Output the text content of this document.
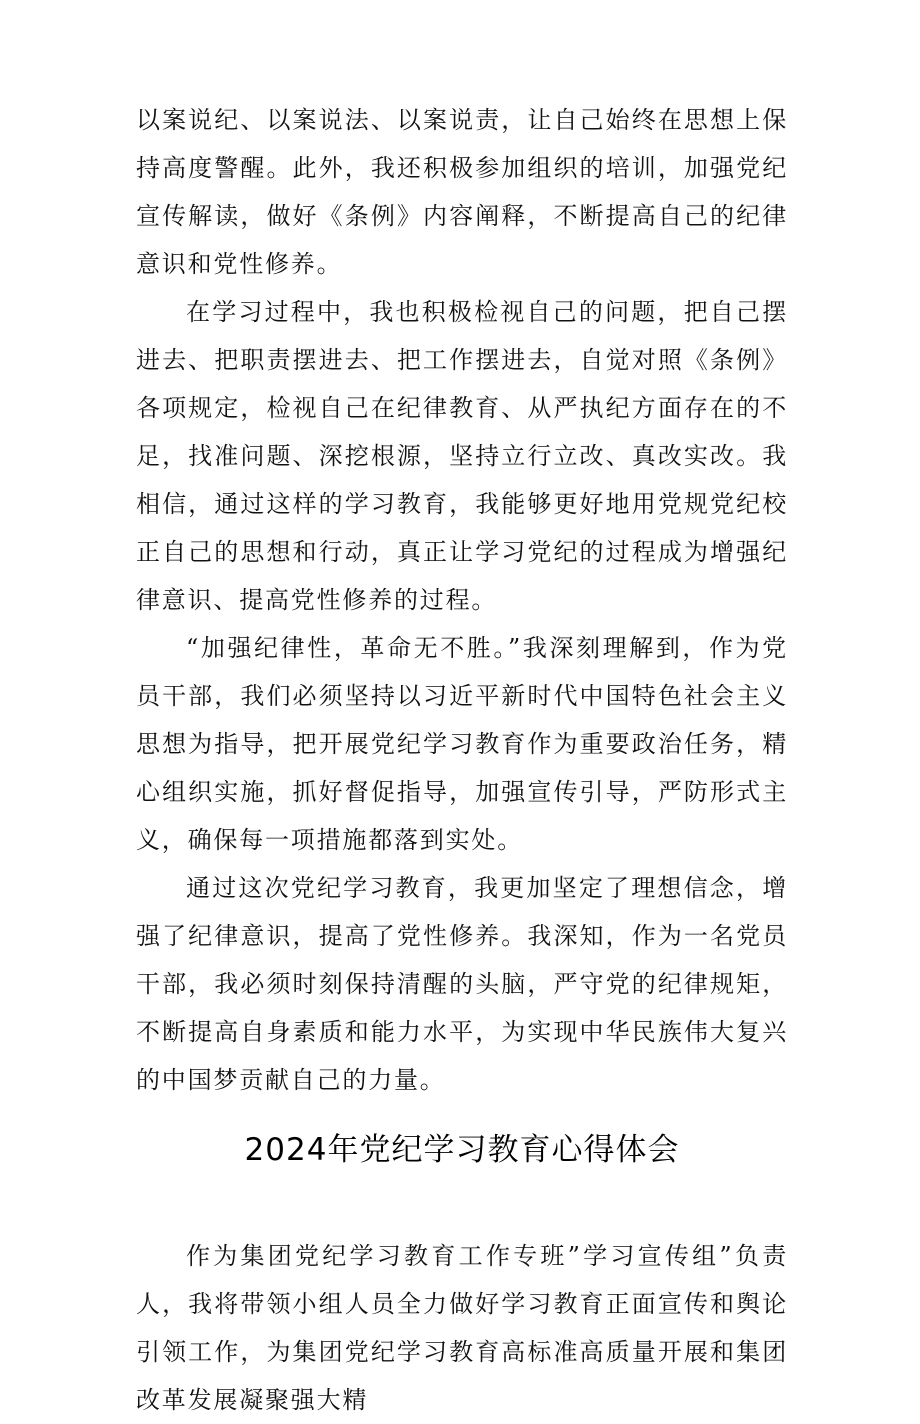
以案说纪、以案说法、以案说责，让自己始终在思想上保持高度警醒。此外，我还积极参加组织的培训，加强党纪宣传解读，做好《条例》内容阐释，不断提高自己的纪律意识和党性修养。

在学习过程中，我也积极检视自己的问题，把自己摆进去、把职责摆进去、把工作摆进去，自觉对照《条例》各项规定，检视自己在纪律教育、从严执纪方面存在的不足，找准问题、深挖根源，坚持立行立改、真改实改。我相信，通过这样的学习教育，我能够更好地用党规党纪校正自己的思想和行动，真正让学习党纪的过程成为增强纪律意识、提高党性修养的过程。

“加强纪律性，革命无不胜。”我深刻理解到，作为党员干部，我们必须坚持以习近平新时代中国特色社会主义思想为指导，把开展党纪学习教育作为重要政治任务，精心组织实施，抓好督促指导，加强宣传引导，严防形式主义，确保每一项措施都落到实处。

通过这次党纪学习教育，我更加坚定了理想信念，增强了纪律意识，提高了党性修养。我深知，作为一名党员干部，我必须时刻保持清醒的头脑，严守党的纪律规矩，不断提高自身素质和能力水平，为实现中华民族伟大复兴的中国梦贡献自己的力量。

2024年党纪学习教育心得体会

作为集团党纪学习教育工作专班”学习宣传组”负责人，我将带领小组人员全力做好学习教育正面宣传和舆论引领工作，为集团党纪学习教育高标准高质量开展和集团改革发展凝聚强大精
